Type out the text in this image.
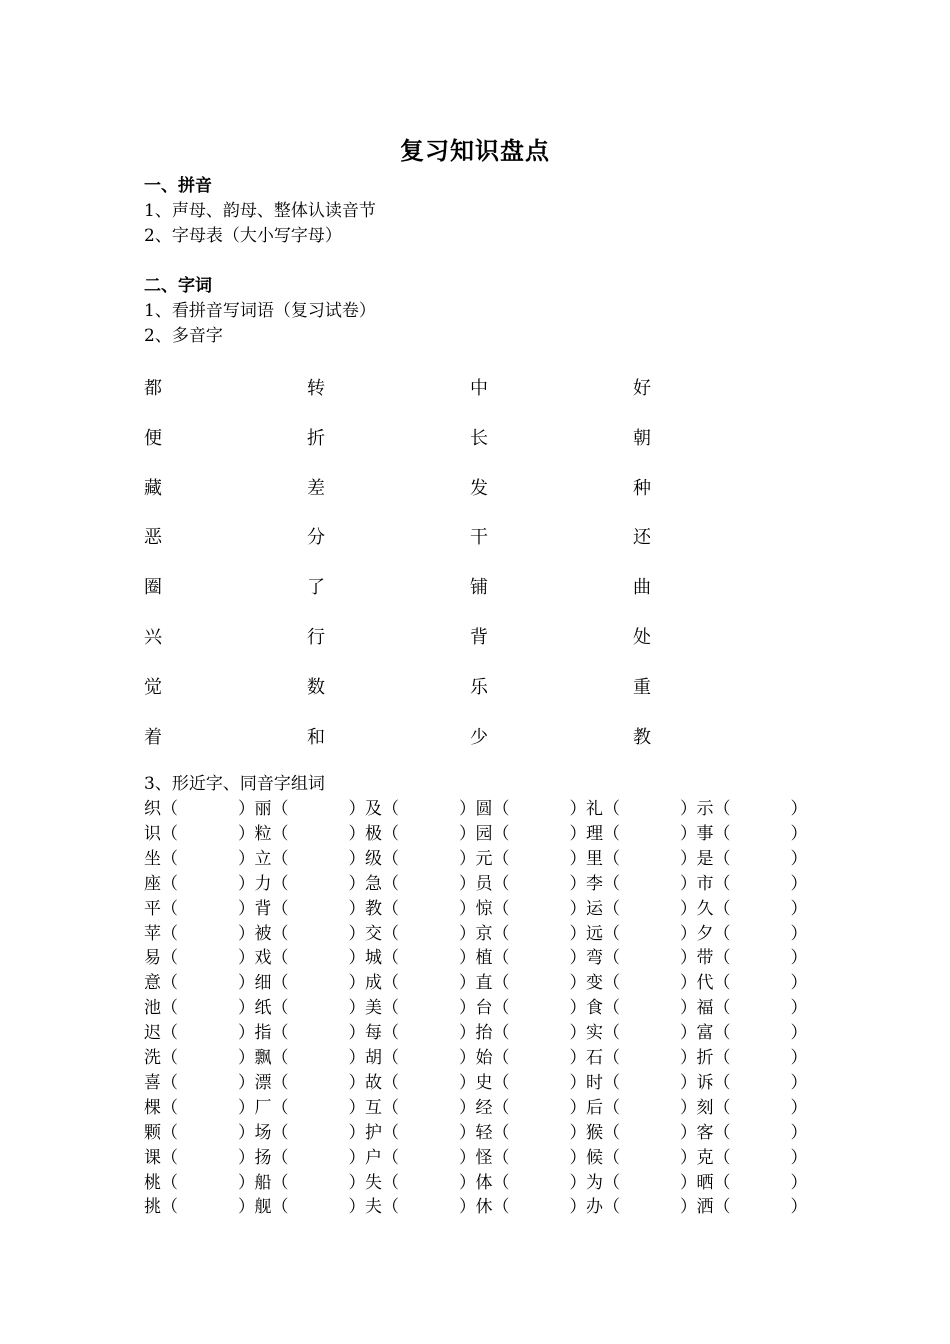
复习知识盘点
一、拼音
1、声母、韵母、整体认读音节
2、字母表（大小写字母）
二、字词
1、看拼音写词语（复习试卷）
2、多音字
都	转	中	好
便	折	长	朝
藏	差	发	种
恶	分	干	还
圈	了	铺	曲
兴	行	背	处
觉	数	乐	重
着	和	少	教
3、形近字、同音字组词
织 （	） 丽 （	） 及 （	） 圆 （	） 礼 （	） 示 （	）
识 （	） 粒 （	） 极 （	） 园 （	） 理 （	） 事 （	）
坐 （	） 立 （	） 级 （	） 元 （	） 里 （	） 是 （	）
座 （	） 力 （	） 急 （	） 员 （	） 李 （	） 市 （	）
平 （	） 背 （	） 教 （	） 惊 （	） 运 （	） 久 （	）
苹 （	） 被 （	） 交 （	） 京 （	） 远 （	） 夕 （	）
易 （	） 戏 （	） 城 （	） 植 （	） 弯 （	） 带 （	）
意 （	） 细 （	） 成 （	） 直 （	） 变 （	） 代 （	）
池 （	） 纸 （	） 美 （	） 台 （	） 食 （	） 福 （	）
迟 （	） 指 （	） 每 （	） 抬 （	） 实 （	） 富 （	）
洗 （	） 飘 （	） 胡 （	） 始 （	） 石 （	） 折 （	）
喜 （	） 漂 （	） 故 （	） 史 （	） 时 （	） 诉 （	）
棵 （	） 厂 （	） 互 （	） 经 （	） 后 （	） 刻 （	）
颗 （	） 场 （	） 护 （	） 轻 （	） 猴 （	） 客 （	）
课 （	） 扬 （	） 户 （	） 怪 （	） 候 （	） 克 （	）
桃 （	） 船 （	） 失 （	） 体 （	） 为 （	） 晒 （	）
挑 （	） 舰 （	） 夫 （	） 休 （	） 办 （	） 洒 （	）
